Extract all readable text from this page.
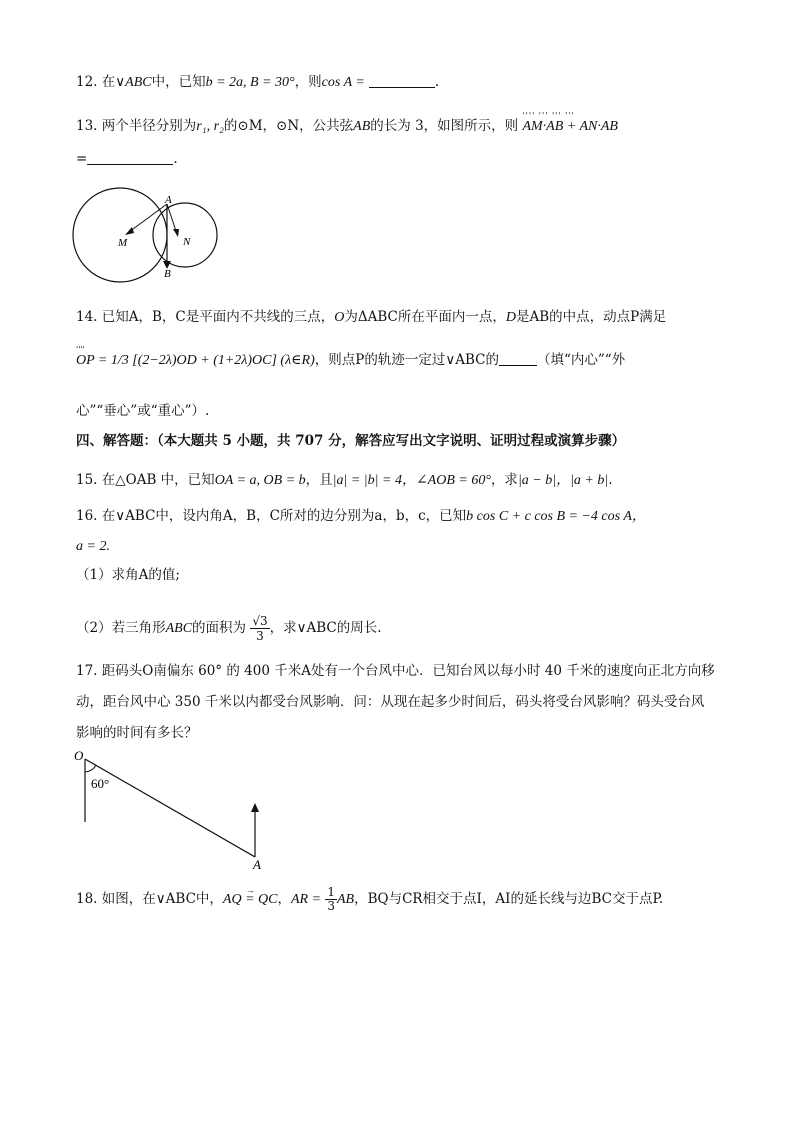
12. 在∨ABC中，已知b = 2a, B = 30°，则cos A =	.
13. 两个半径分别为r₁, r₂的⊙M，⊙N，公共弦AB的长为 3，如图所示，则
ꞌꞌꞌꞌ ꞌꞌꞌ ꞌꞌꞌ ꞌꞌꞌ
AM·AB + AN·AB
=	.
A
M	N
B
14. 已知A，B，C是平面内不共线的三点，O为ΔABC所在平面内一点，D是AB的中点，动点P满足
ꞌꞌꞌꞌ
OP = 1/3 [(2−2λ)OD + (1+2λ)OC] (λ∈R)，则点P的轨迹一定过∨ABC的	（填“内心”“外
心”“垂心”或“重心”）.
四、解答题：（本大题共 5 小题，共 707 分，解答应写出文字说明、证明过程或演算步骤）
15. 在△OAB 中，已知OA = a, OB = b，且|a| = |b| = 4，∠AOB = 60°，求|a − b|，|a + b|.
16. 在∨ABC中，设内角A，B，C所对的边分别为a，b，c，已知b cos C + c cos B = −4 cos A，
a = 2.
（1）求角A的值;
（2）若三角形ABC的面积为 $\frac{√3}{3}$ ，求∨ABC的周长.
17. 距码头O南偏东 60° 的 400 千米A处有一个台风中心．已知台风以每小时 40 千米的速度向正北方向移
动，距台风中心 350 千米以内都受台风影响．问：从现在起多少时间后，码头将受台风影响？码头受台风
影响的时间有多长？
O
60°
A
18. 如图，在∨ABC中，→ AQ = QC，AR = $\frac{1}{3}$ AB，BQ与CR相交于点I，AI的延长线与边BC交于点P.
